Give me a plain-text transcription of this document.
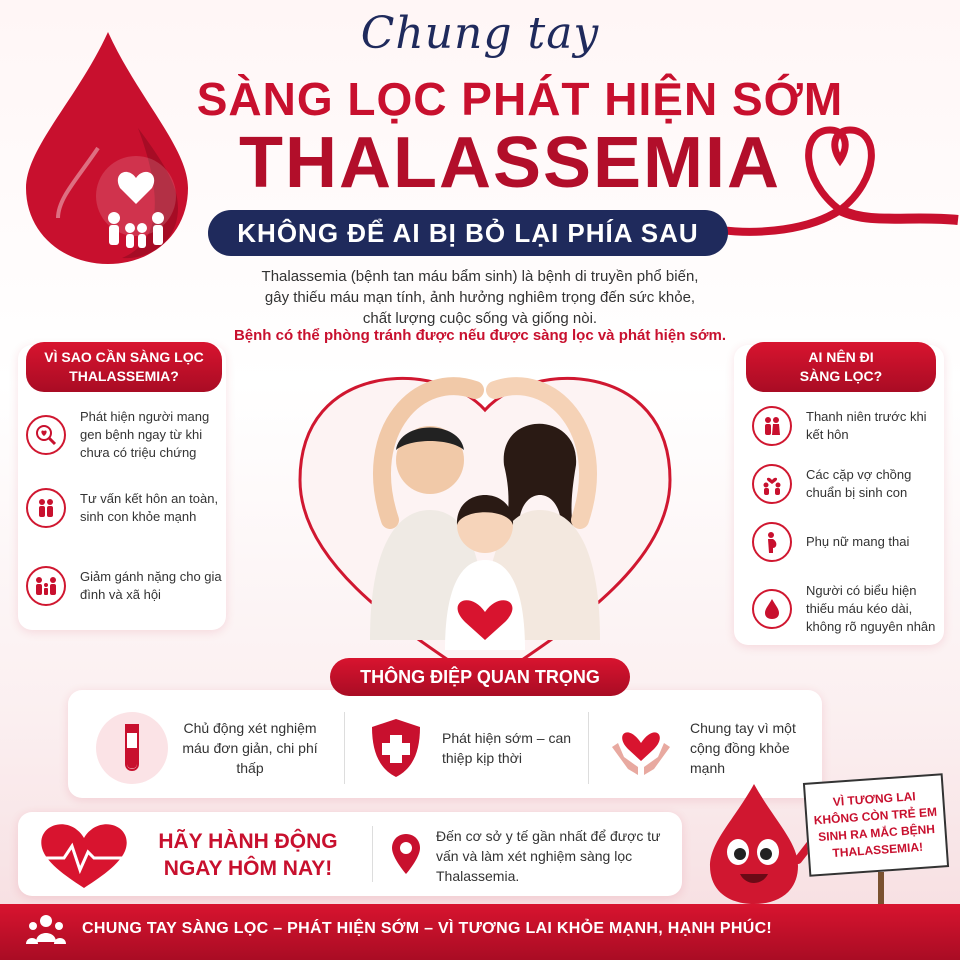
Chung tay
SÀNG LỌC PHÁT HIỆN SỚM
THALASSEMIA
KHÔNG ĐỂ AI BỊ BỎ LẠI PHÍA SAU
Thalassemia (bệnh tan máu bẩm sinh) là bệnh di truyền phổ biến,
gây thiếu máu mạn tính, ảnh hưởng nghiêm trọng đến sức khỏe,
chất lượng cuộc sống và giống nòi.
Bệnh có thể phòng tránh được nếu được sàng lọc và phát hiện sớm.
VÌ SAO CẦN SÀNG LỌC
THALASSEMIA?
Phát hiện người mang gen bệnh ngay từ khi chưa có triệu chứng
Tư vấn kết hôn an toàn, sinh con khỏe mạnh
Giảm gánh nặng cho gia đình và xã hội
AI NÊN ĐI
SÀNG LỌC?
Thanh niên trước khi kết hôn
Các cặp vợ chồng chuẩn bị sinh con
Phụ nữ mang thai
Người có biểu hiện thiếu máu kéo dài, không rõ nguyên nhân
THÔNG ĐIỆP QUAN TRỌNG
Chủ động xét nghiệm máu đơn giản, chi phí thấp
Phát hiện sớm – can thiệp kịp thời
Chung tay vì một cộng đồng khỏe mạnh
HÃY HÀNH ĐỘNG
NGAY HÔM NAY!
Đến cơ sở y tế gần nhất để được tư vấn và làm xét nghiệm sàng lọc Thalassemia.
VÌ TƯƠNG LAI
KHÔNG CÒN TRẺ EM
SINH RA MẮC BỆNH
THALASSEMIA!
CHUNG TAY SÀNG LỌC – PHÁT HIỆN SỚM – VÌ TƯƠNG LAI KHỎE MẠNH, HẠNH PHÚC!
